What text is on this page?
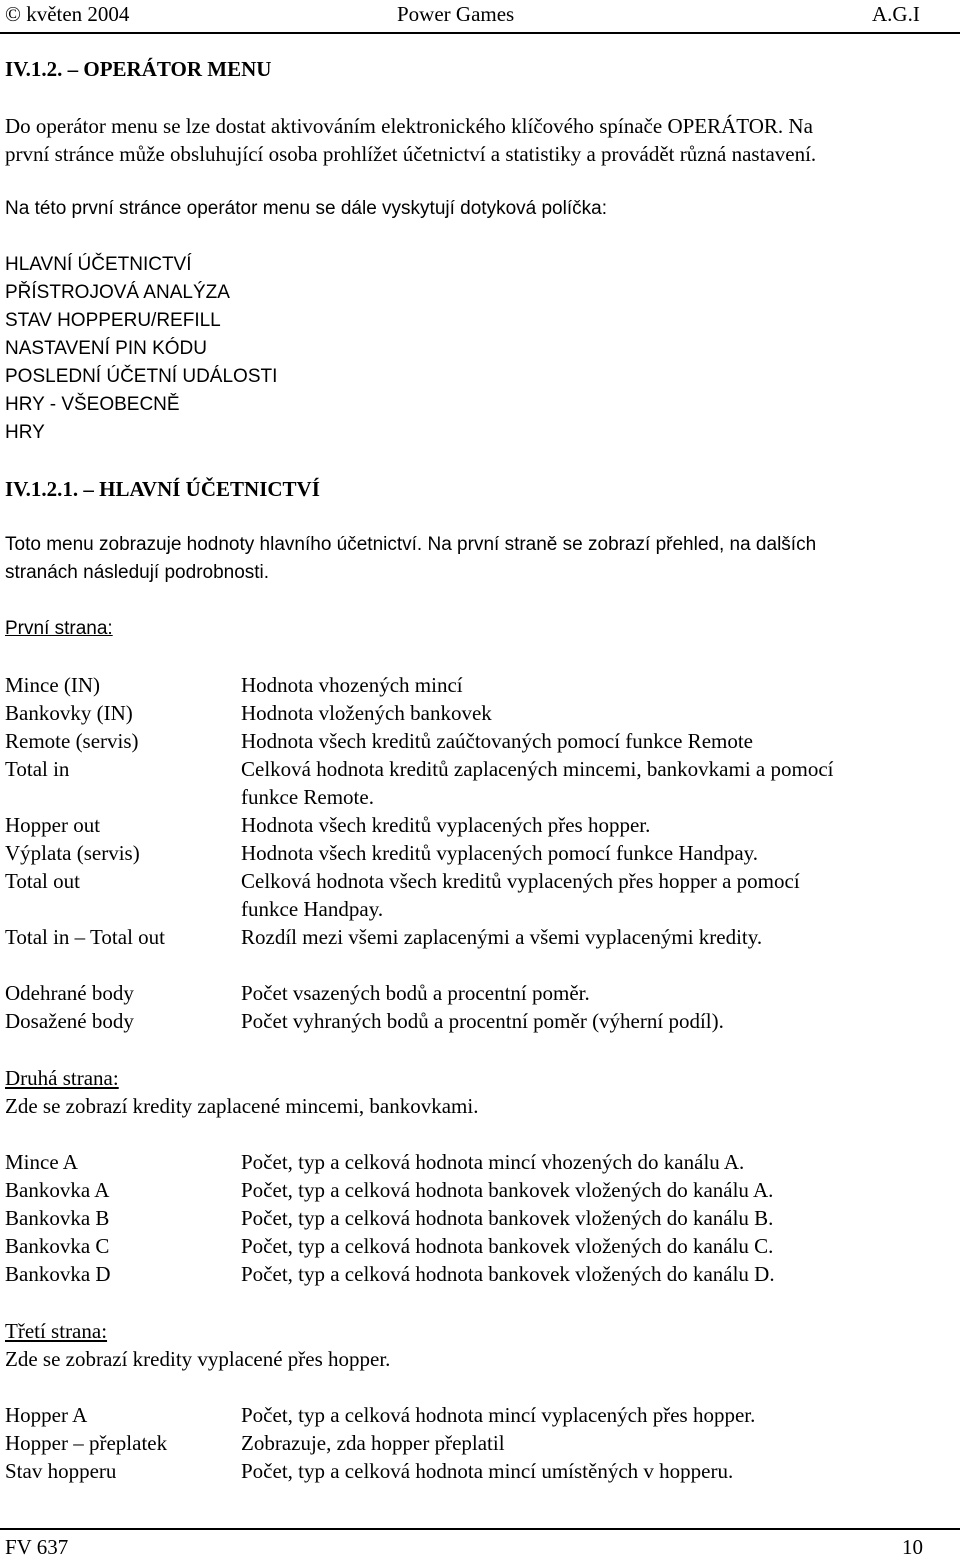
© květen 2004	Power Games	A.G.I
IV.1.2. – OPERÁTOR MENU
Do operátor menu se lze dostat aktivováním elektronického klíčového spínače OPERÁTOR. Na
první stránce může obsluhující osoba prohlížet účetnictví a statistiky a provádět různá nastavení.
Na této první stránce operátor menu se dále vyskytují dotyková políčka:
HLAVNÍ ÚČETNICTVÍ
PŘÍSTROJOVÁ ANALÝZA
STAV HOPPERU/REFILL
NASTAVENÍ PIN KÓDU
POSLEDNÍ ÚČETNÍ UDÁLOSTI
HRY - VŠEOBECNĚ
HRY
IV.1.2.1. – HLAVNÍ ÚČETNICTVÍ
Toto menu zobrazuje hodnoty hlavního účetnictví. Na první straně se zobrazí přehled, na dalších
stranách následují podrobnosti.
První strana:
Mince (IN)	Hodnota vhozených mincí
Bankovky (IN)	Hodnota vložených bankovek
Remote (servis)	Hodnota všech kreditů zaúčtovaných pomocí funkce Remote
Total in	Celková hodnota kreditů zaplacených mincemi, bankovkami a pomocí
funkce Remote.
Hopper out	Hodnota všech kreditů vyplacených přes hopper.
Výplata (servis)	Hodnota všech kreditů vyplacených pomocí funkce Handpay.
Total out	Celková hodnota všech kreditů vyplacených přes hopper a pomocí
funkce Handpay.
Total in – Total out	Rozdíl mezi všemi zaplacenými a všemi vyplacenými kredity.
Odehrané body	Počet vsazených bodů a procentní poměr.
Dosažené body	Počet vyhraných bodů a procentní poměr (výherní podíl).
Druhá strana:
Zde se zobrazí kredity zaplacené mincemi, bankovkami.
Mince A	Počet, typ a celková hodnota mincí vhozených do kanálu A.
Bankovka A	Počet, typ a celková hodnota bankovek vložených do kanálu A.
Bankovka B	Počet, typ a celková hodnota bankovek vložených do kanálu B.
Bankovka C	Počet, typ a celková hodnota bankovek vložených do kanálu C.
Bankovka D	Počet, typ a celková hodnota bankovek vložených do kanálu D.
Třetí strana:
Zde se zobrazí kredity vyplacené přes hopper.
Hopper A	Počet, typ a celková hodnota mincí vyplacených přes hopper.
Hopper – přeplatek	Zobrazuje, zda hopper přeplatil
Stav hopperu	Počet, typ a celková hodnota mincí umístěných v hopperu.
FV 637	10
